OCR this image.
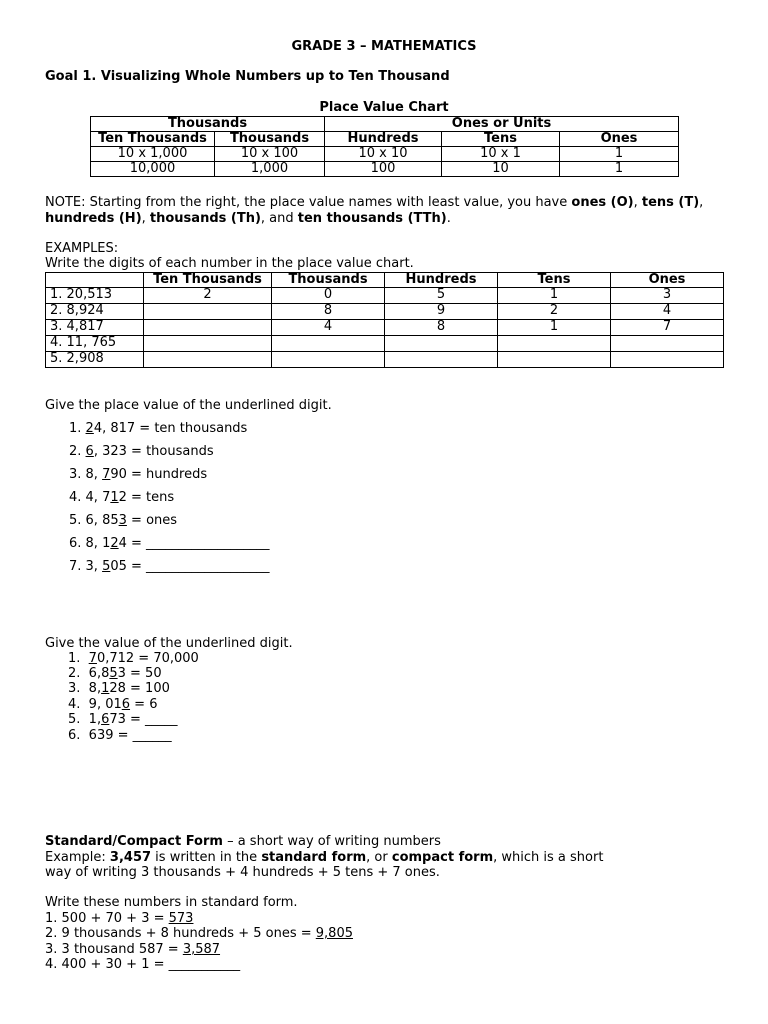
GRADE 3 – MATHEMATICS
Goal 1. Visualizing Whole Numbers up to Ten Thousand
Place Value Chart
Thousands		Ones or Units		
Ten Thousands	Thousands	Hundreds	Tens	Ones
10 x 1,000	10 x 100	10 x 10	10 x 1	1
10,000	1,000	100	10	1
NOTE: Starting from the right, the place value names with least value, you have ones (O), tens (T), hundreds (H), thousands (Th), and ten thousands (TTh).
EXAMPLES:
Write the digits of each number in the place value chart.
	Ten Thousands	Thousands	Hundreds	Tens	Ones
1. 20,513	2	0	5	1	3
2. 8,924		8	9	2	4
3. 4,817		4	8	1	7
4. 11, 765					
5. 2,908					
Give the place value of the underlined digit.
1. 24, 817 = ten thousands
2. 6, 323 = thousands
3. 8, 790 = hundreds
4. 4, 712 = tens
5. 6, 853 = ones
6. 8, 124 = ___________________
7. 3, 505 = ___________________
Give the value of the underlined digit.
1.  70,712 = 70,000
2.  6,853 = 50
3.  8,128 = 100
4.  9, 016 = 6
5.  1,673 = _____
6.  639 = ______
Standard/Compact Form – a short way of writing numbers
Example: 3,457 is written in the standard form, or compact form, which is a short
way of writing 3 thousands + 4 hundreds + 5 tens + 7 ones.
Write these numbers in standard form.
1. 500 + 70 + 3 = 573
2. 9 thousands + 8 hundreds + 5 ones = 9,805
3. 3 thousand 587 = 3,587
4. 400 + 30 + 1 = ___________
